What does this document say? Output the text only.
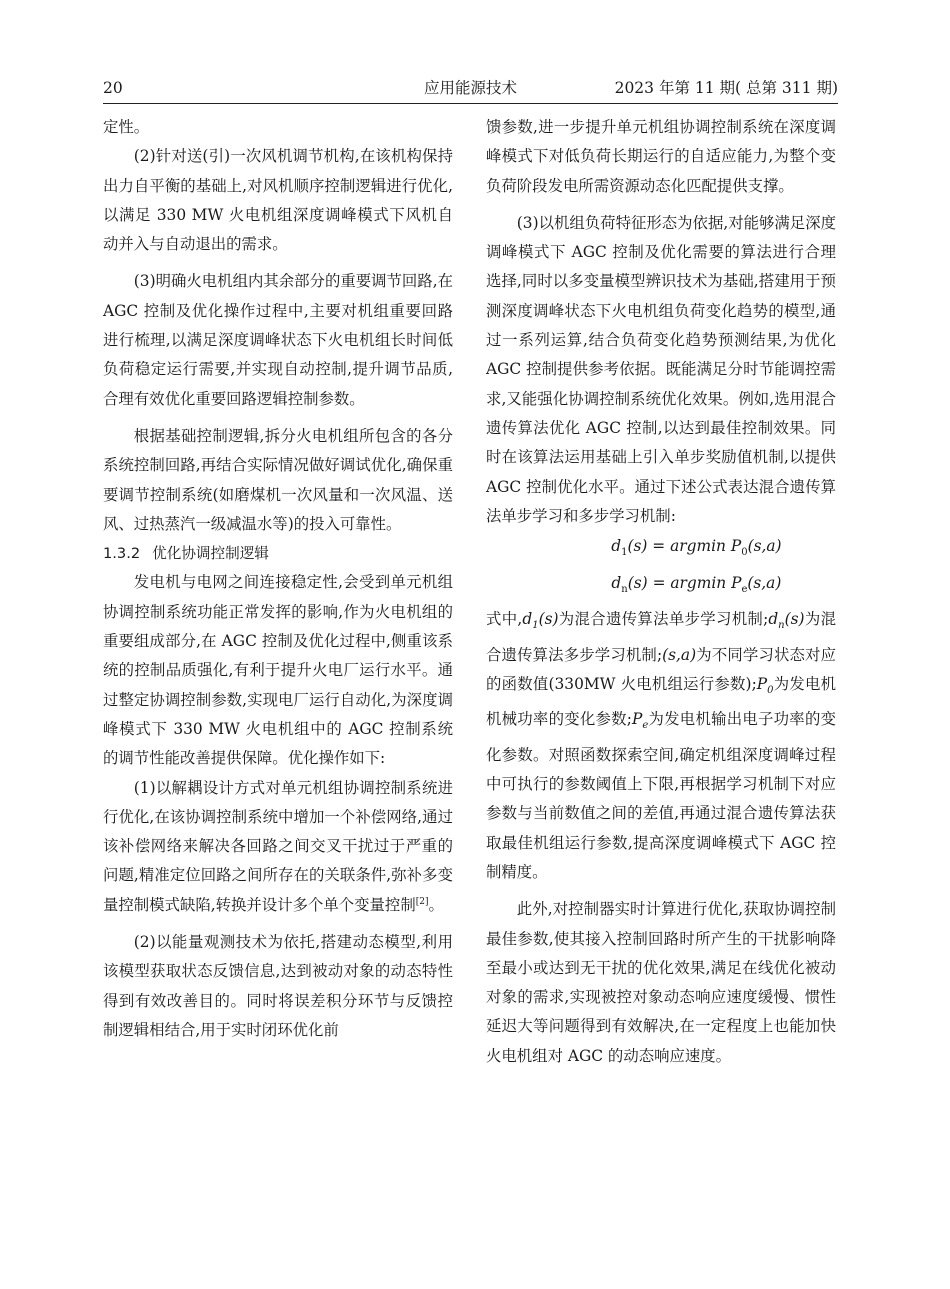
20	应用能源技术	2023 年第 11 期( 总第 311 期)

定性。

(2)针对送(引)一次风机调节机构,在该机构保持出力自平衡的基础上,对风机顺序控制逻辑进行优化,以满足 330 MW 火电机组深度调峰模式下风机自动并入与自动退出的需求。

(3)明确火电机组内其余部分的重要调节回路,在 AGC 控制及优化操作过程中,主要对机组重要回路进行梳理,以满足深度调峰状态下火电机组长时间低负荷稳定运行需要,并实现自动控制,提升调节品质,合理有效优化重要回路逻辑控制参数。

根据基础控制逻辑,拆分火电机组所包含的各分系统控制回路,再结合实际情况做好调试优化,确保重要调节控制系统(如磨煤机一次风量和一次风温、送风、过热蒸汽一级减温水等)的投入可靠性。

1.3.2 优化协调控制逻辑

发电机与电网之间连接稳定性,会受到单元机组协调控制系统功能正常发挥的影响,作为火电机组的重要组成部分,在 AGC 控制及优化过程中,侧重该系统的控制品质强化,有利于提升火电厂运行水平。通过整定协调控制参数,实现电厂运行自动化,为深度调峰模式下 330 MW 火电机组中的 AGC 控制系统的调节性能改善提供保障。优化操作如下:

(1)以解耦设计方式对单元机组协调控制系统进行优化,在该协调控制系统中增加一个补偿网络,通过该补偿网络来解决各回路之间交叉干扰过于严重的问题,精准定位回路之间所存在的关联条件,弥补多变量控制模式缺陷,转换并设计多个单个变量控制[2]。

(2)以能量观测技术为依托,搭建动态模型,利用该模型获取状态反馈信息,达到被动对象的动态特性得到有效改善目的。同时将误差积分环节与反馈控制逻辑相结合,用于实时闭环优化前

馈参数,进一步提升单元机组协调控制系统在深度调峰模式下对低负荷长期运行的自适应能力,为整个变负荷阶段发电所需资源动态化匹配提供支撑。

(3)以机组负荷特征形态为依据,对能够满足深度调峰模式下 AGC 控制及优化需要的算法进行合理选择,同时以多变量模型辨识技术为基础,搭建用于预测深度调峰状态下火电机组负荷变化趋势的模型,通过一系列运算,结合负荷变化趋势预测结果,为优化 AGC 控制提供参考依据。既能满足分时节能调控需求,又能强化协调控制系统优化效果。例如,选用混合遗传算法优化 AGC 控制,以达到最佳控制效果。同时在该算法运用基础上引入单步奖励值机制,以提供 AGC 控制优化水平。通过下述公式表达混合遗传算法单步学习和多步学习机制:

$d_1(s) = argmin$ $P_0(s,a)$

$d_n(s) = argmin$ $P_e(s,a)$

式中$,d_1(s)$为混合遗传算法单步学习机制$;d_n(s)$为混合遗传算法多步学习机制;(s,a)为不同学习状态对应的函数值(330MW 火电机组运行参数)$;P_0$为发电机机械功率的变化参数$;P_e$为发电机输出电子功率的变化参数。对照函数探索空间,确定机组深度调峰过程中可执行的参数阈值上下限,再根据学习机制下对应参数与当前数值之间的差值,再通过混合遗传算法获取最佳机组运行参数,提高深度调峰模式下 AGC 控制精度。

此外,对控制器实时计算进行优化,获取协调控制最佳参数,使其接入控制回路时所产生的干扰影响降至最小或达到无干扰的优化效果,满足在线优化被动对象的需求,实现被控对象动态响应速度缓慢、惯性延迟大等问题得到有效解决,在一定程度上也能加快火电机组对 AGC 的动态响应速度。
